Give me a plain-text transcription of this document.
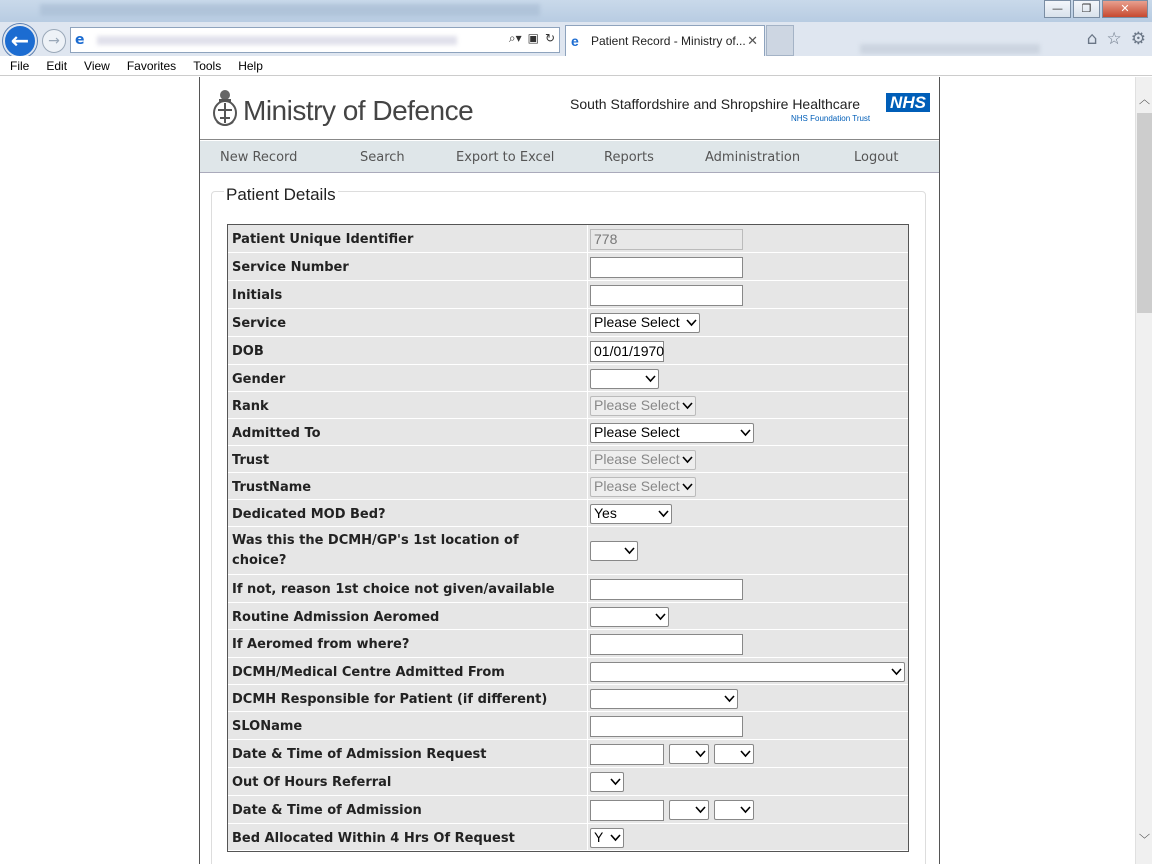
—	❐	✕
←	→	e	⌕▾ ▣ ↻ e Patient Record - Ministry of... ✕	⌂ ☆ ⚙
File Edit View Favorites Tools Help
Ministry of Defence	South Staffordshire and Shropshire Healthcare NHS
NHS Foundation Trust
New Record	Search	Export to Excel	Reports	Administration	Logout
Patient Details
Patient Unique Identifier	778
Service Number
Initials
Service	Please Select
DOB	01/01/1970
Gender
Rank	Please Select
Admitted To	Please Select
Trust	Please Select
TrustName	Please Select
Dedicated MOD Bed?	Yes
Was this the DCMH/GP's 1st location of choice?
If not, reason 1st choice not given/available
Routine Admission Aeromed
If Aeromed from where?
DCMH/Medical Centre Admitted From
DCMH Responsible for Patient (if different)
SLOName
Date & Time of Admission Request
Out Of Hours Referral
Date & Time of Admission
Bed Allocated Within 4 Hrs Of Request	Y
︿
﹀
